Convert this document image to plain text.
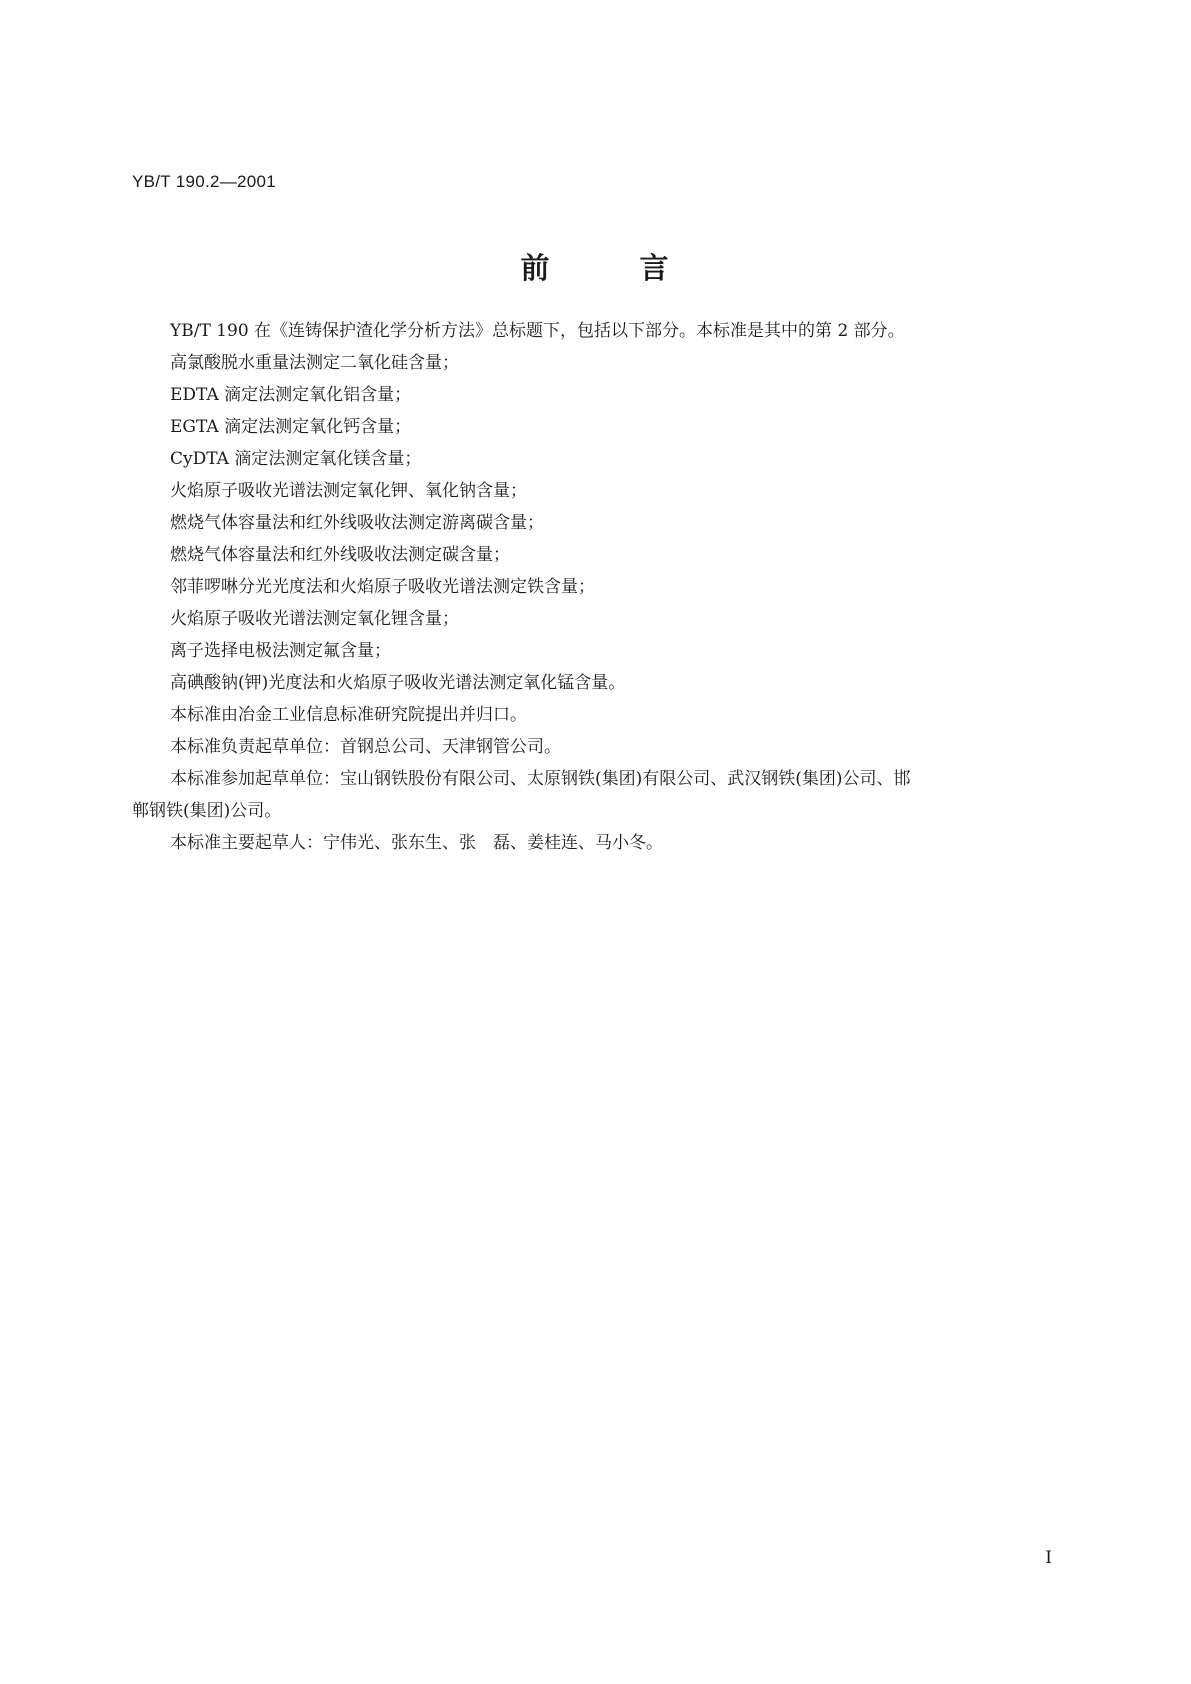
YB/T 190.2—2001
前	言

YB/T 190 在《连铸保护渣化学分析方法》总标题下，包括以下部分。本标准是其中的第 2 部分。

高氯酸脱水重量法测定二氧化硅含量；

EDTA 滴定法测定氧化铝含量；

EGTA 滴定法测定氧化钙含量；

CyDTA 滴定法测定氧化镁含量；

火焰原子吸收光谱法测定氧化钾、氧化钠含量；

燃烧气体容量法和红外线吸收法测定游离碳含量；

燃烧气体容量法和红外线吸收法测定碳含量；

邻菲啰啉分光光度法和火焰原子吸收光谱法测定铁含量；

火焰原子吸收光谱法测定氧化锂含量；

离子选择电极法测定氟含量；

高碘酸钠(钾)光度法和火焰原子吸收光谱法测定氧化锰含量。

本标准由冶金工业信息标准研究院提出并归口。

本标准负责起草单位：首钢总公司、天津钢管公司。

本标准参加起草单位：宝山钢铁股份有限公司、太原钢铁(集团)有限公司、武汉钢铁(集团)公司、邯

郸钢铁(集团)公司。

本标准主要起草人：宁伟光、张东生、张　磊、姜桂连、马小冬。

I
